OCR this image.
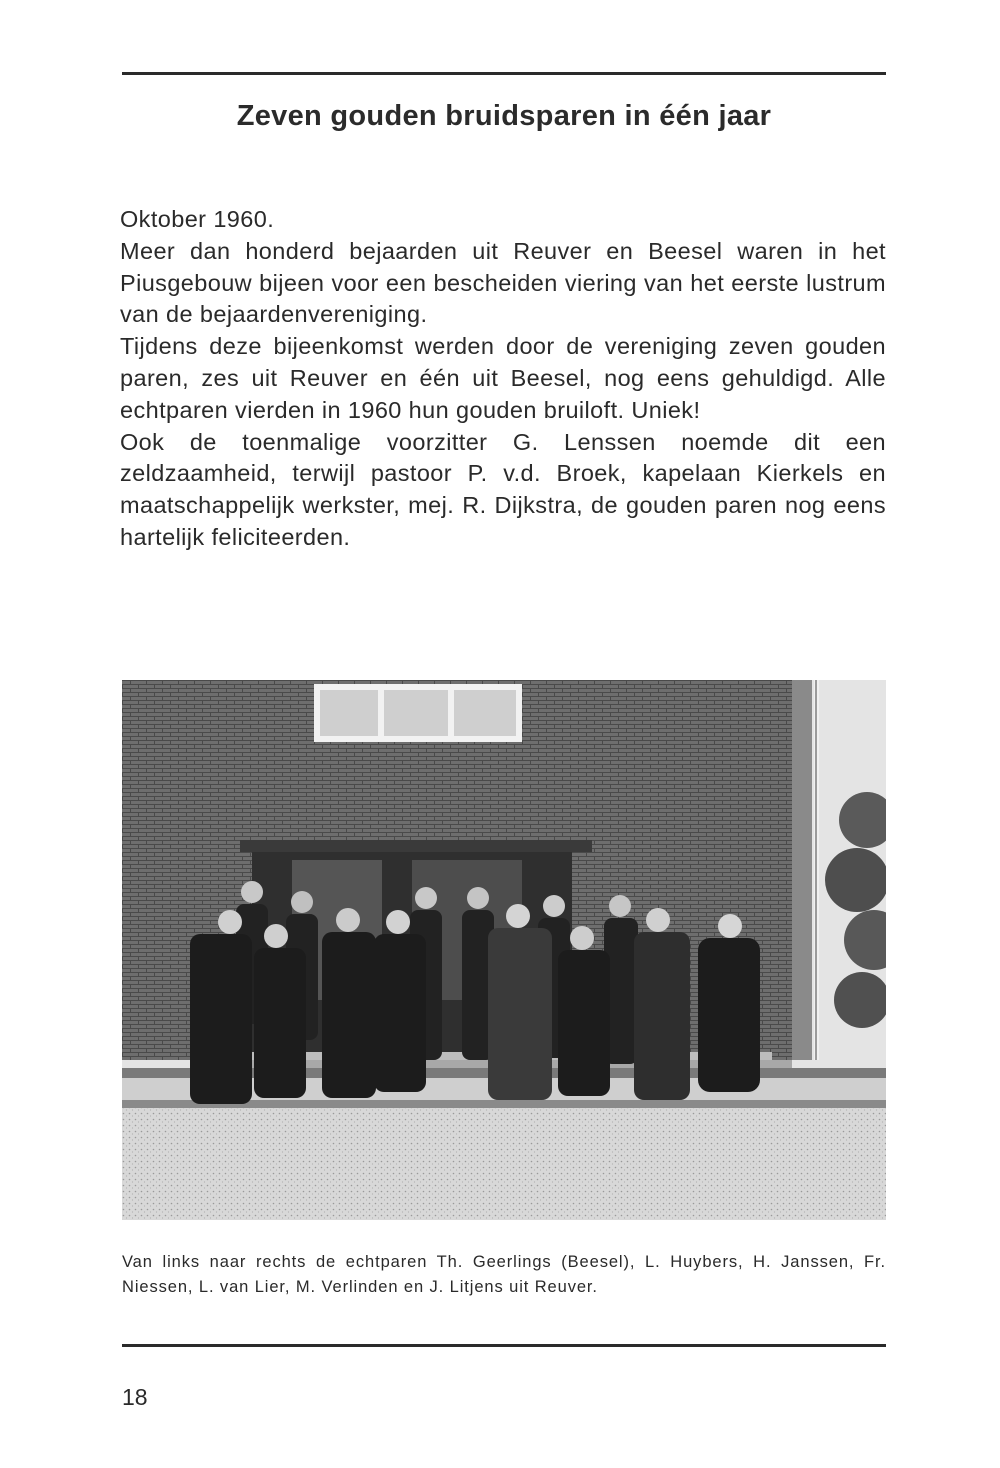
Zeven gouden bruidsparen in één jaar

Oktober 1960.

Meer dan honderd bejaarden uit Reuver en Beesel waren in het Piusgebouw bijeen voor een bescheiden viering van het eerste lustrum van de bejaardenvereniging.

Tijdens deze bijeenkomst werden door de vereniging zeven gouden paren, zes uit Reuver en één uit Beesel, nog eens gehuldigd. Alle echtparen vierden in 1960 hun gouden bruiloft. Uniek!

Ook de toenmalige voorzitter G. Lenssen noemde dit een zeldzaamheid, terwijl pastoor P. v.d. Broek, kapelaan Kierkels en maatschappelijk werkster, mej. R. Dijkstra, de gouden paren nog eens hartelijk feliciteerden.

Van links naar rechts de echtparen Th. Geerlings (Beesel), L. Huybers, H. Janssen, Fr. Niessen, L. van Lier, M. Verlinden en J. Litjens uit Reuver.

18
